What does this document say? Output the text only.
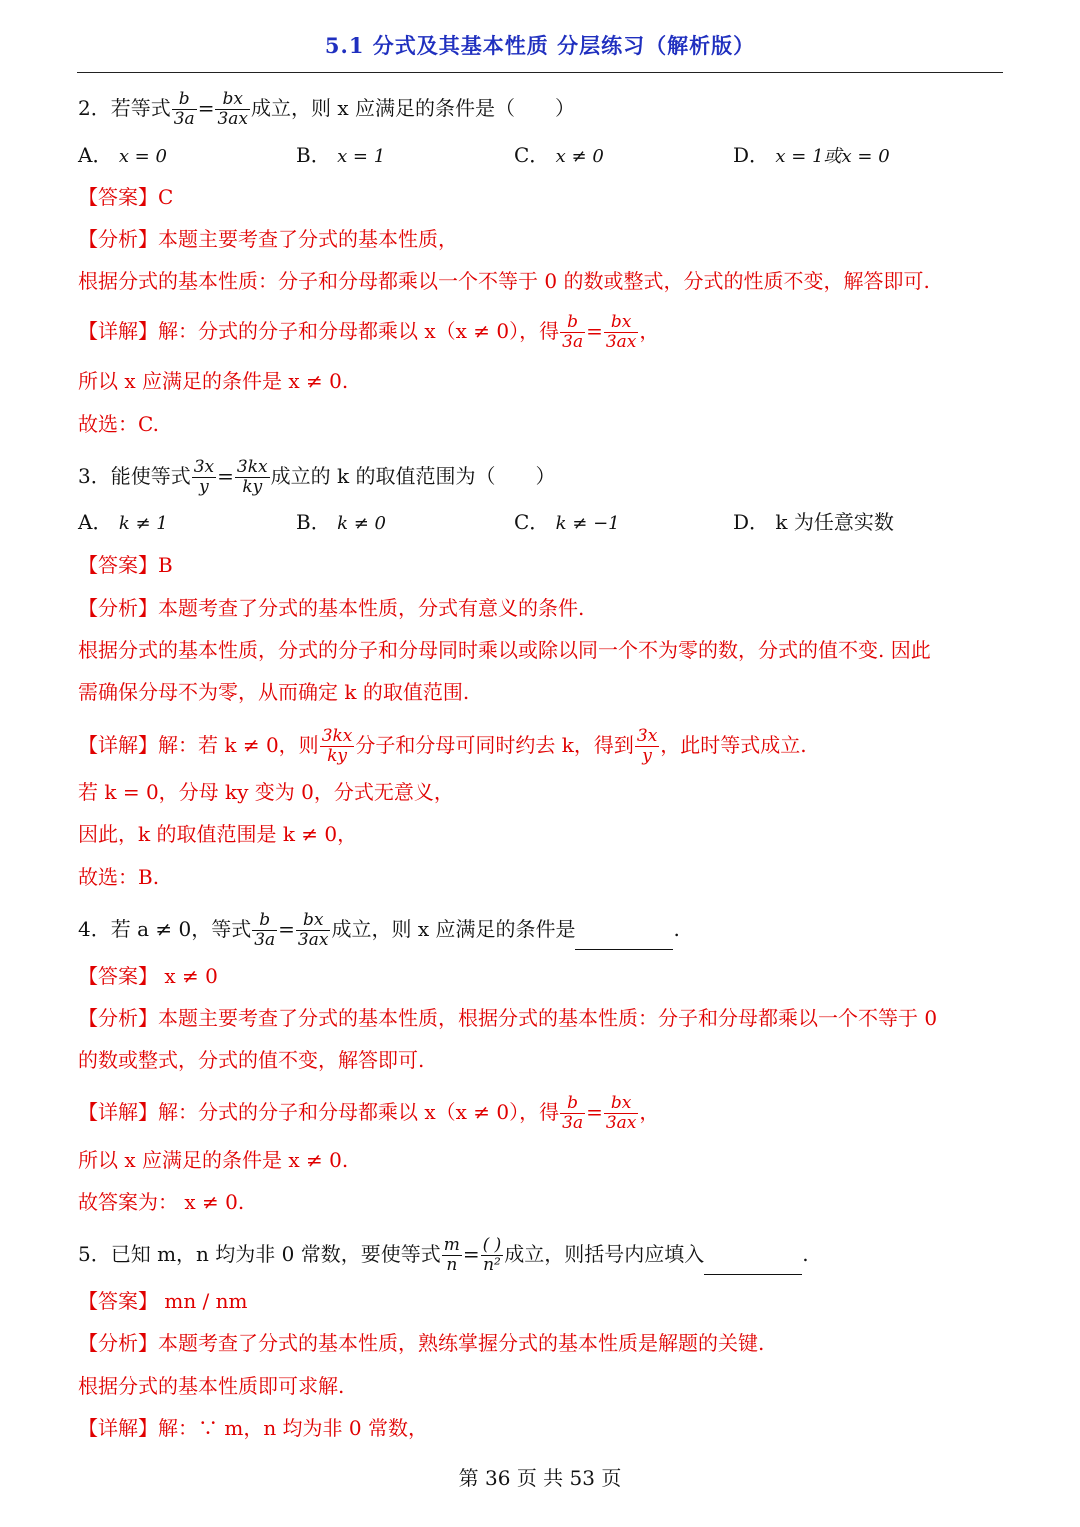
5.1 分式及其基本性质 分层练习（解析版）
2．若等式 $\frac{b}{3a} = \frac{bx}{3ax}$ 成立，则 x 应满足的条件是（　　）
A． x = 0	B． x = 1	C． x ≠ 0	D． x = 1或x = 0
【答案】C
【分析】本题主要考查了分式的基本性质，
根据分式的基本性质：分子和分母都乘以一个不等于 0 的数或整式，分式的性质不变，解答即可.
【详解】解：分式的分子和分母都乘以 x（x ≠ 0），得 $\frac{b}{3a} = \frac{bx}{3ax}$ ，
所以 x 应满足的条件是 x ≠ 0.
故选：C.
3．能使等式 $\frac{3x}{y} = \frac{3kx}{ky}$ 成立的 k 的取值范围为（　　）
A． k ≠ 1	B． k ≠ 0	C． k ≠ −1	D． k 为任意实数
【答案】B
【分析】本题考查了分式的基本性质，分式有意义的条件.
根据分式的基本性质，分式的分子和分母同时乘以或除以同一个不为零的数，分式的值不变. 因此
需确保分母不为零，从而确定 k 的取值范围.
【详解】解：若 k ≠ 0，则 $\frac{3kx}{ky}$ 分子和分母可同时约去 k，得到 $\frac{3x}{y}$ ，此时等式成立.
若 k = 0，分母 ky 变为 0，分式无意义，
因此，k 的取值范围是 k ≠ 0，
故选：B.
4．若 a ≠ 0，等式 $\frac{b}{3a} = \frac{bx}{3ax}$ 成立，则 x 应满足的条件是	.
【答案】 x ≠ 0
【分析】本题主要考查了分式的基本性质，根据分式的基本性质：分子和分母都乘以一个不等于 0
的数或整式，分式的值不变，解答即可.
【详解】解：分式的分子和分母都乘以 x（x ≠ 0），得 $\frac{b}{3a} = \frac{bx}{3ax}$ ，
所以 x 应满足的条件是 x ≠ 0.
故答案为： x ≠ 0.
5．已知 m，n 均为非 0 常数，要使等式 $\frac{m}{n} = \frac{( )}{\text{n²}}$ 成立，则括号内应填入	.
【答案】 mn / nm
【分析】本题考查了分式的基本性质，熟练掌握分式的基本性质是解题的关键.
根据分式的基本性质即可求解.
【详解】解：∵ m，n 均为非 0 常数，
第 36 页 共 53 页
